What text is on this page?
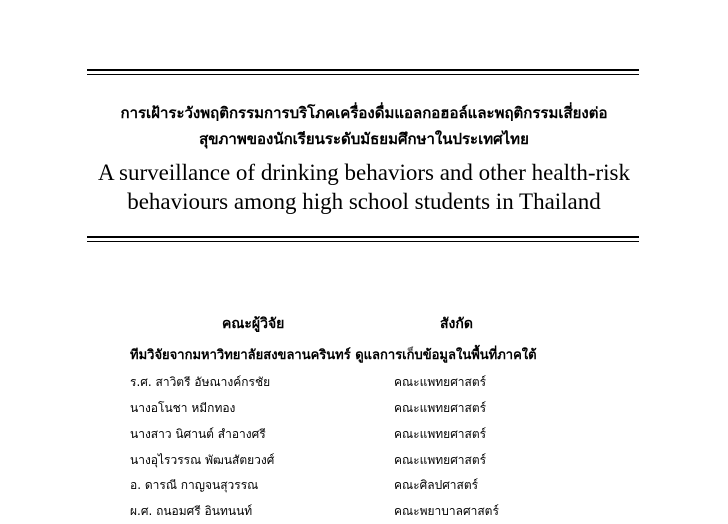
การเฝ้าระวังพฤติกรรมการบริโภคเครื่องดื่มแอลกอฮอล์และพฤติกรรมเสี่ยงต่อ
สุขภาพของนักเรียนระดับมัธยมศึกษาในประเทศไทย
A surveillance of drinking behaviors and other health-risk
behaviours among high school students in Thailand
คณะผู้วิจัย	สังกัด
ทีมวิจัยจากมหาวิทยาลัยสงขลานครินทร์ ดูแลการเก็บข้อมูลในพื้นที่ภาคใต้
ร.ศ. สาวิตรี อัษณางค์กรชัย	คณะแพทยศาสตร์
นางอโนชา หมีกทอง	คณะแพทยศาสตร์
นางสาว นิศานต์ สำอางศรี	คณะแพทยศาสตร์
นางอุไรวรรณ พัฒนสัตยวงศ์	คณะแพทยศาสตร์
อ. ดารณี กาญจนสุวรรณ	คณะศิลปศาสตร์
ผ.ศ. ถนอมศรี อินทนนท์	คณะพยาบาลศาสตร์
